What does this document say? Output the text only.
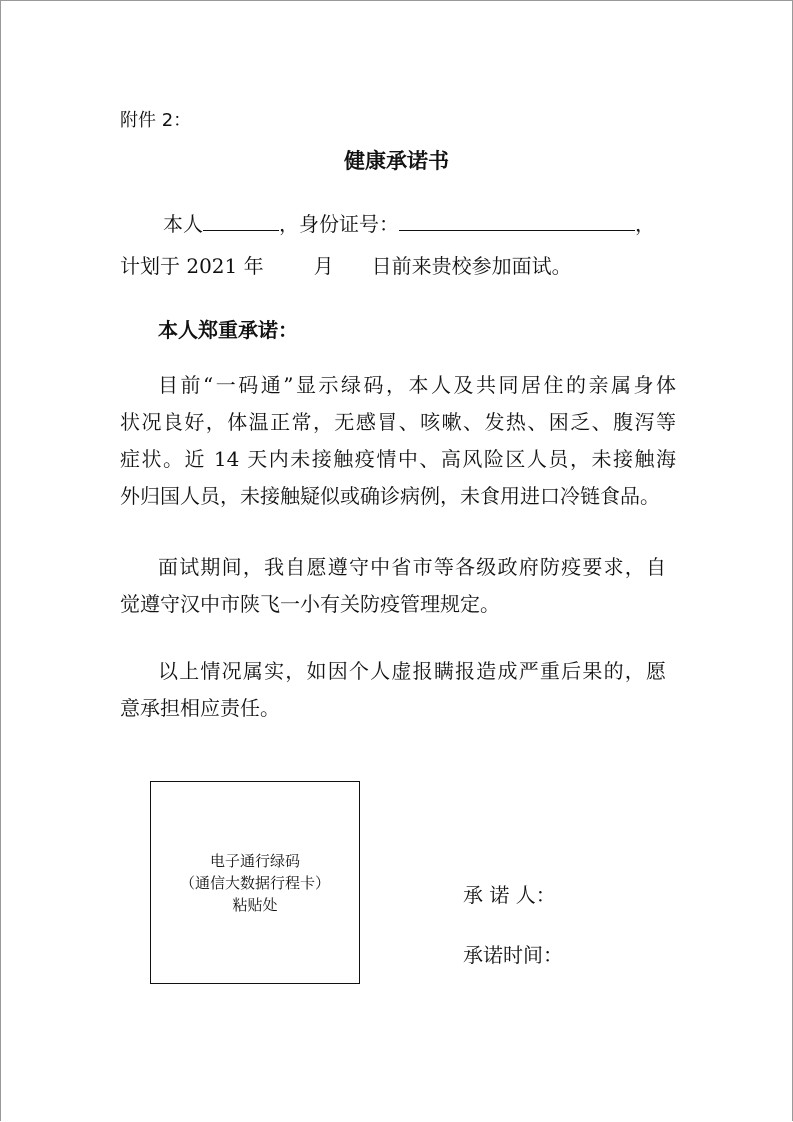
附件 2：
健康承诺书
本人	，身份证号：	，
计划于 2021 年	月 日前来贵校参加面试。
本人郑重承诺：

目前“一码通”显示绿码，本人及共同居住的亲属身体

状况良好，体温正常，无感冒、咳嗽、发热、困乏、腹泻等

症状。近 14 天内未接触疫情中、高风险区人员，未接触海

外归国人员，未接触疑似或确诊病例，未食用进口冷链食品。

面试期间，我自愿遵守中省市等各级政府防疫要求，自

觉遵守汉中市陕飞一小有关防疫管理规定。

以上情况属实，如因个人虚报瞒报造成严重后果的，愿

意承担相应责任。

电子通行绿码
（通信大数据行程卡）
粘贴处	承 诺 人：
承诺时间：
